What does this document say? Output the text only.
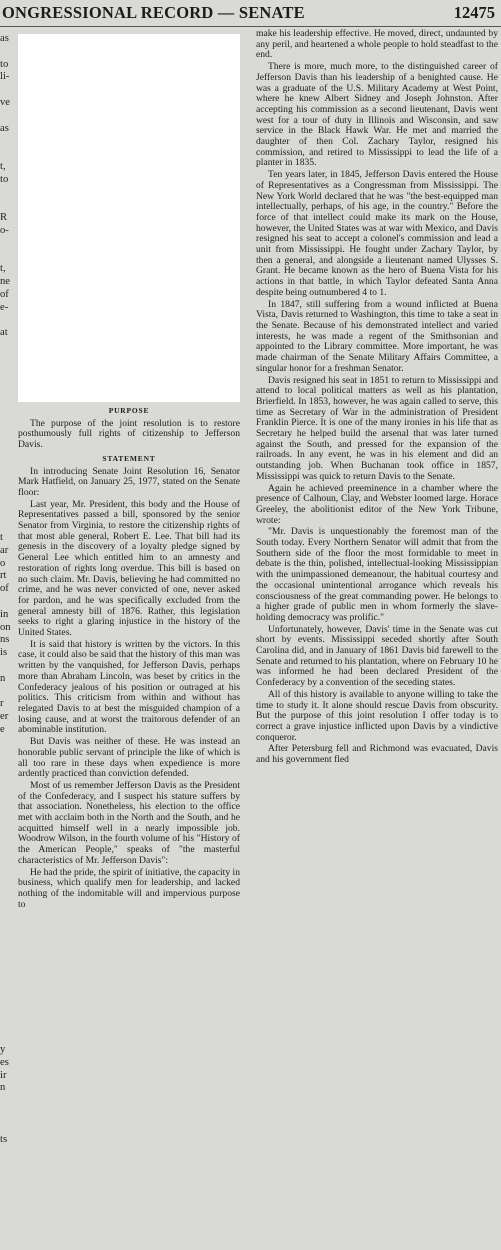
ONGRESSIONAL RECORD — SENATE	12475
as
to
li-
ve
as
t,
to
R
o-
t,
ne
of
e-
at
t
ar
o
rt
of
in
on
ns
is
n
r
er
e
y
es
ir
n
ts
PURPOSE

The purpose of the joint resolution is to restore posthumously full rights of citizenship to Jefferson Davis.

STATEMENT

In introducing Senate Joint Resolution 16, Senator Mark Hatfield, on January 25, 1977, stated on the Senate floor:

Last year, Mr. President, this body and the House of Representatives passed a bill, sponsored by the senior Senator from Virginia, to restore the citizenship rights of that most able general, Robert E. Lee. That bill had its genesis in the discovery of a loyalty pledge signed by General Lee which entitled him to an amnesty and restoration of rights long overdue. This bill is based on no such claim. Mr. Davis, believing he had committed no crime, and he was never convicted of one, never asked for pardon, and he was specifically excluded from the general amnesty bill of 1876. Rather, this legislation seeks to right a glaring injustice in the history of the United States.

It is said that history is written by the victors. In this case, it could also be said that the history of this man was written by the vanquished, for Jefferson Davis, perhaps more than Abraham Lincoln, was beset by critics in the Confederacy jealous of his position or outraged at his politics. This criticism from within and without has relegated Davis to at best the misguided champion of a losing cause, and at worst the traitorous defender of an abominable institution.

But Davis was neither of these. He was instead an honorable public servant of principle the like of which is all too rare in these days when expedience is more ardently practiced than conviction defended.

Most of us remember Jefferson Davis as the President of the Confederacy, and I suspect his stature suffers by that association. Nonetheless, his election to the office met with acclaim both in the North and the South, and he acquitted himself well in a nearly impossible job. Woodrow Wilson, in the fourth volume of his "History of the American People," speaks of "the masterful characteristics of Mr. Jefferson Davis":

He had the pride, the spirit of initiative, the capacity in business, which qualify men for leadership, and lacked nothing of the indomitable will and impervious purpose to

make his leadership effective. He moved, direct, undaunted by any peril, and heartened a whole people to hold steadfast to the end.

There is more, much more, to the distinguished career of Jefferson Davis than his leadership of a benighted cause. He was a graduate of the U.S. Military Academy at West Point, where he knew Albert Sidney and Joseph Johnston. After accepting his commission as a second lieutenant, Davis went west for a tour of duty in Illinois and Wisconsin, and saw service in the Black Hawk War. He met and married the daughter of then Col. Zachary Taylor, resigned his commission, and retired to Mississippi to lead the life of a planter in 1835.

Ten years later, in 1845, Jefferson Davis entered the House of Representatives as a Congressman from Mississippi. The New York World declared that he was "the best-equipped man intellectually, perhaps, of his age, in the country." Before the force of that intellect could make its mark on the House, however, the United States was at war with Mexico, and Davis resigned his seat to accept a colonel's commission and lead a unit from Mississippi. He fought under Zachary Taylor, by then a general, and alongside a lieutenant named Ulysses S. Grant. He became known as the hero of Buena Vista for his actions in that battle, in which Taylor defeated Santa Anna despite being outnumbered 4 to 1.

In 1847, still suffering from a wound inflicted at Buena Vista, Davis returned to Washington, this time to take a seat in the Senate. Because of his demonstrated intellect and varied interests, he was made a regent of the Smithsonian and appointed to the Library committee. More important, he was made chairman of the Senate Military Affairs Committee, a singular honor for a freshman Senator.

Davis resigned his seat in 1851 to return to Mississippi and attend to local political matters as well as his plantation, Brierfield. In 1853, however, he was again called to serve, this time as Secretary of War in the administration of President Franklin Pierce. It is one of the many ironies in his life that as Secretary he helped build the arsenal that was later turned against the South, and pressed for the expansion of the railroads. In any event, he was in his element and did an outstanding job. When Buchanan took office in 1857, Mississippi was quick to return Davis to the Senate.

Again he achieved preeminence in a chamber where the presence of Calhoun, Clay, and Webster loomed large. Horace Greeley, the abolitionist editor of the New York Tribune, wrote:

"Mr. Davis is unquestionably the foremost man of the South today. Every Northern Senator will admit that from the Southern side of the floor the most formidable to meet in debate is the thin, polished, intellectual-looking Mississippian with the unimpassioned demeanour, the habitual courtesy and the occasional unintentional arrogance which reveals his consciousness of the great commanding power. He belongs to a higher grade of public men in whom formerly the slave-holding democracy was prolific."

Unfortunately, however, Davis' time in the Senate was cut short by events. Mississippi seceded shortly after South Carolina did, and in January of 1861 Davis bid farewell to the Senate and returned to his plantation, where on February 10 he was informed he had been declared President of the Confederacy by a convention of the seceding states.

All of this history is available to anyone willing to take the time to study it. It alone should rescue Davis from obscurity. But the purpose of this joint resolution I offer today is to correct a grave injustice inflicted upon Davis by a vindictive conqueror.

After Petersburg fell and Richmond was evacuated, Davis and his government fled
